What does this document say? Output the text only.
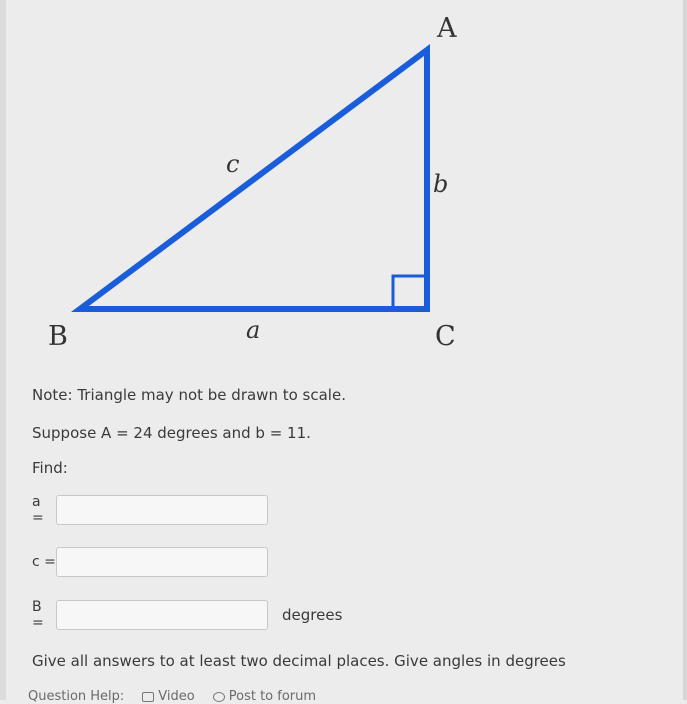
A
B	C
c
b
a
Note: Triangle may not be drawn to scale.
Suppose A = 24 degrees and b = 11.
Find:
a =
c =
B =	degrees
Give all answers to at least two decimal places. Give angles in degrees
Question Help:	Video	Post to forum
